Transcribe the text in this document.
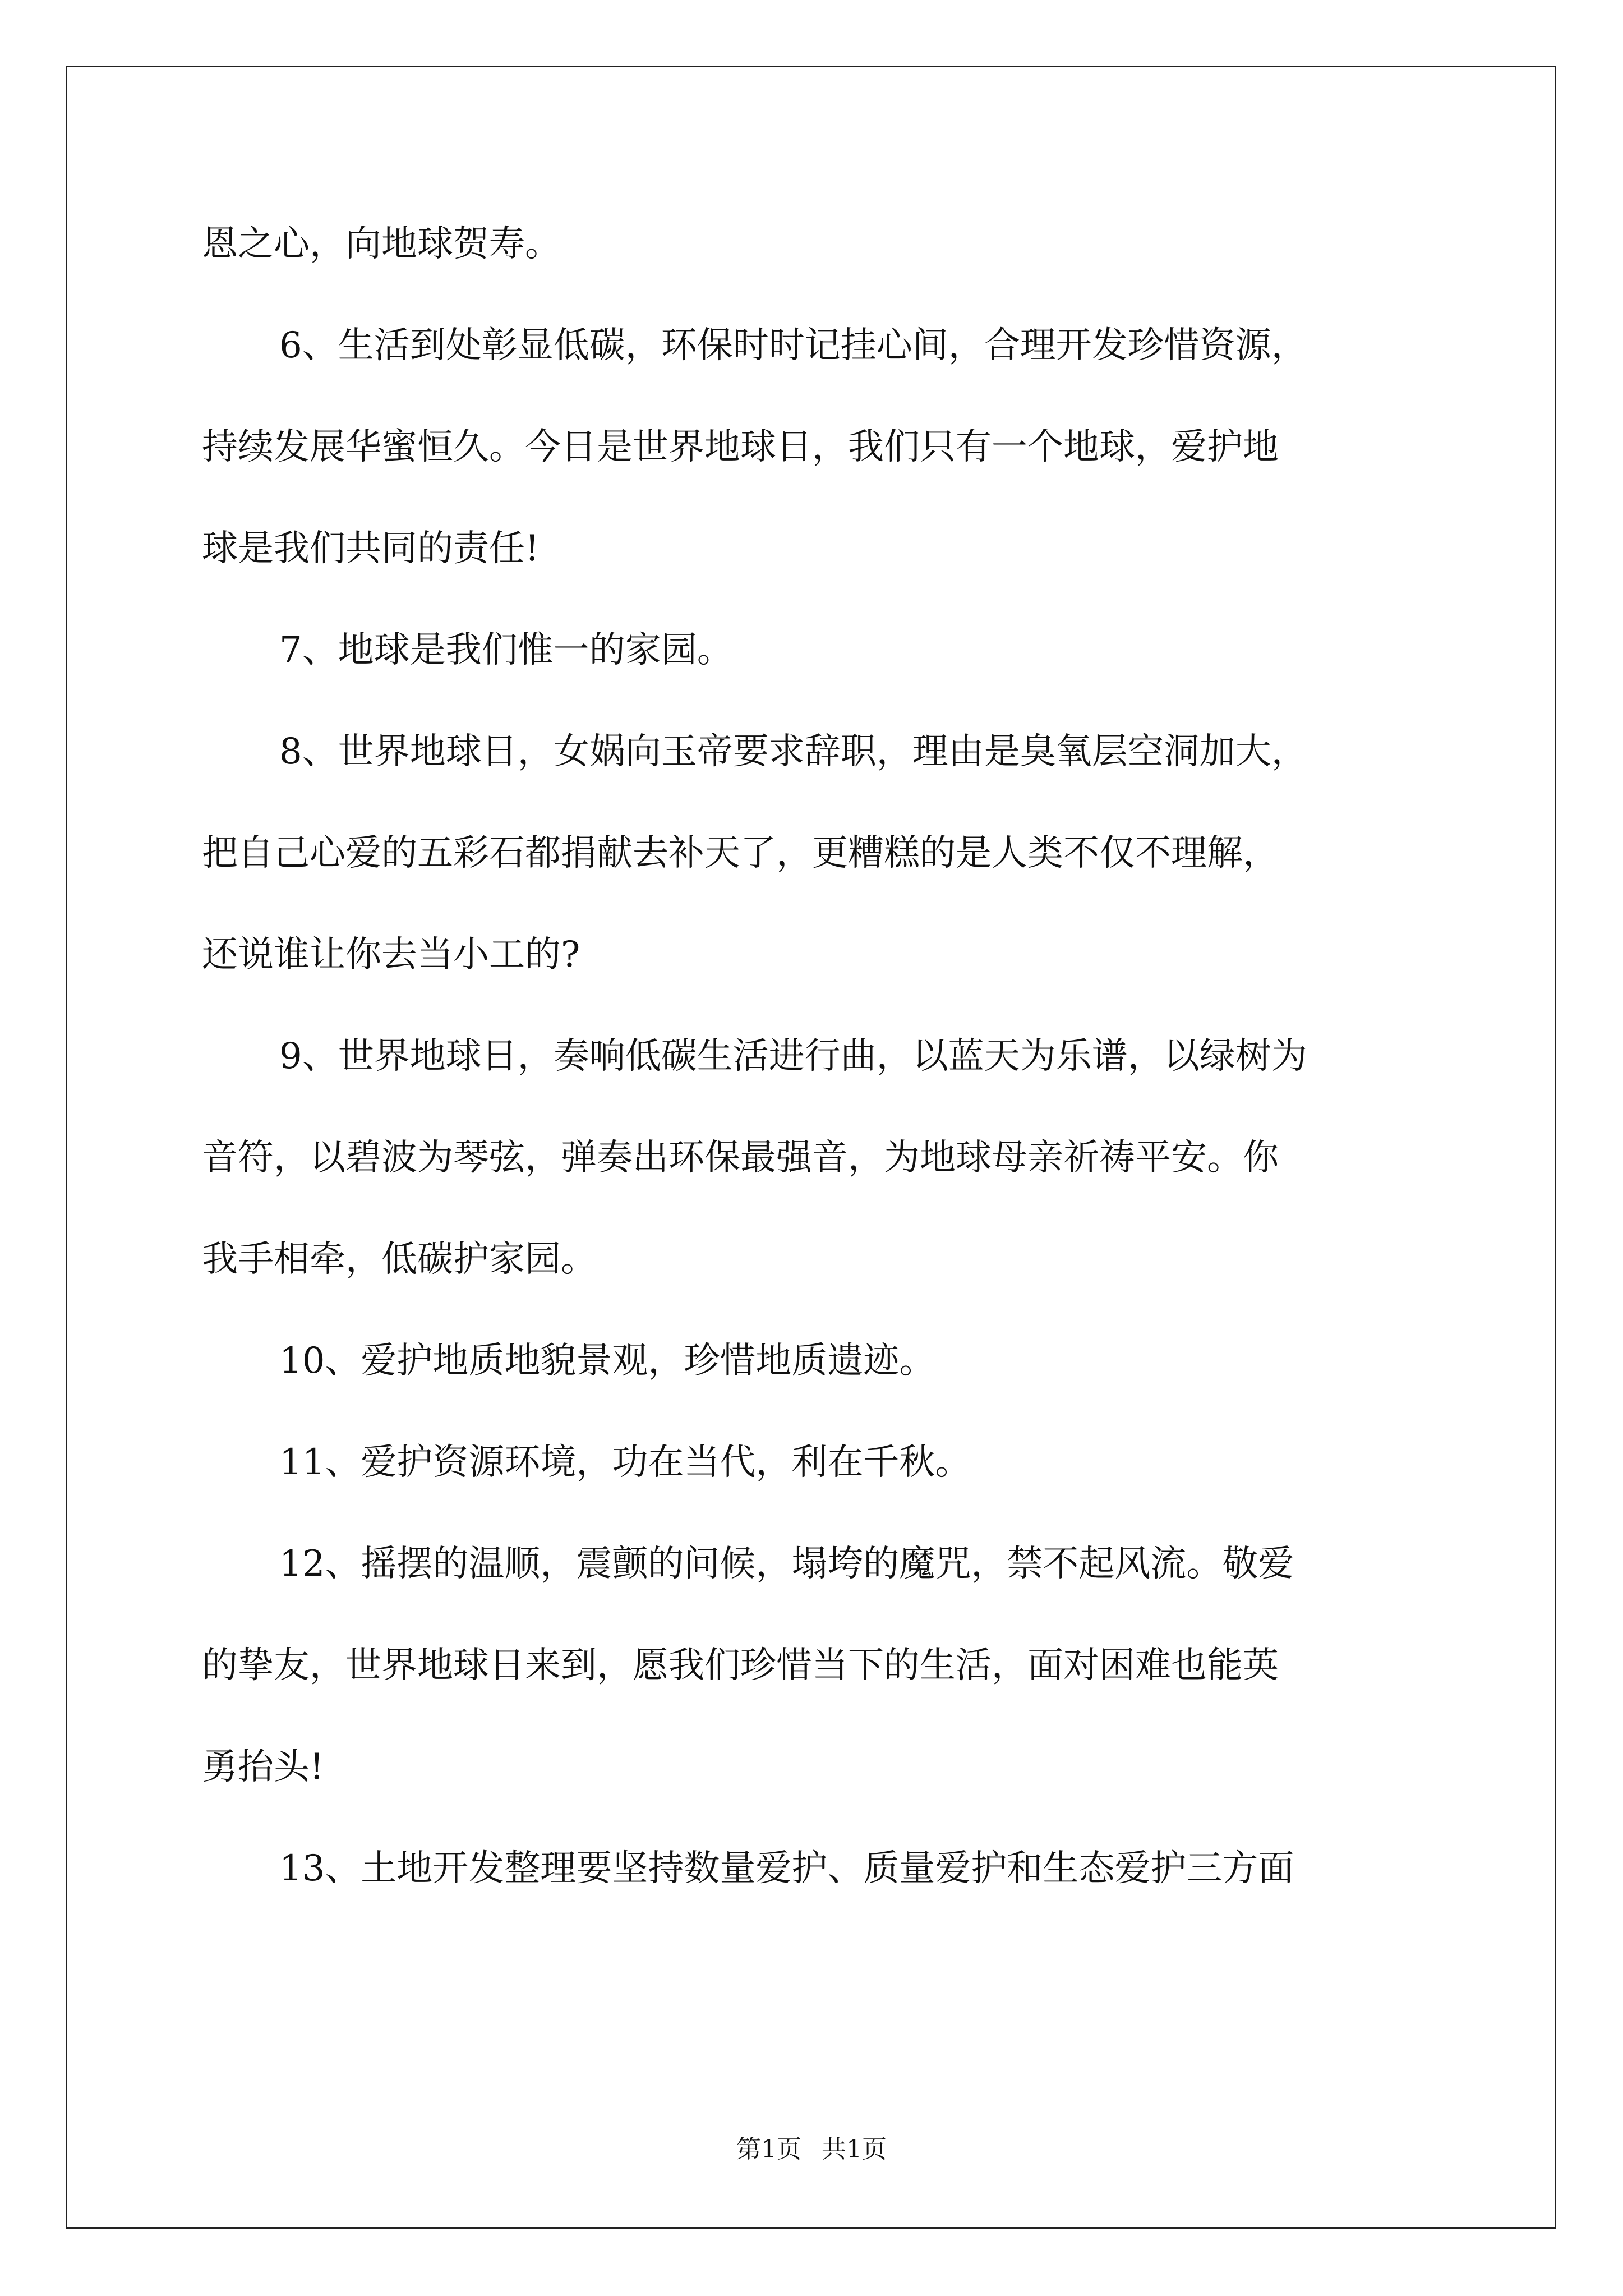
恩之心，向地球贺寿。

6、生活到处彰显低碳，环保时时记挂心间，合理开发珍惜资源，

持续发展华蜜恒久。今日是世界地球日，我们只有一个地球，爱护地

球是我们共同的责任!

7、地球是我们惟一的家园。

8、世界地球日，女娲向玉帝要求辞职，理由是臭氧层空洞加大，

把自己心爱的五彩石都捐献去补天了，更糟糕的是人类不仅不理解，

还说谁让你去当小工的?

9、世界地球日，奏响低碳生活进行曲，以蓝天为乐谱，以绿树为

音符，以碧波为琴弦，弹奏出环保最强音，为地球母亲祈祷平安。你

我手相牵，低碳护家园。

10、爱护地质地貌景观，珍惜地质遗迹。

11、爱护资源环境，功在当代，利在千秋。

12、摇摆的温顺，震颤的问候，塌垮的魔咒，禁不起风流。敬爱

的挚友，世界地球日来到，愿我们珍惜当下的生活，面对困难也能英

勇抬头!

13、土地开发整理要坚持数量爱护、质量爱护和生态爱护三方面

第1页 共1页
